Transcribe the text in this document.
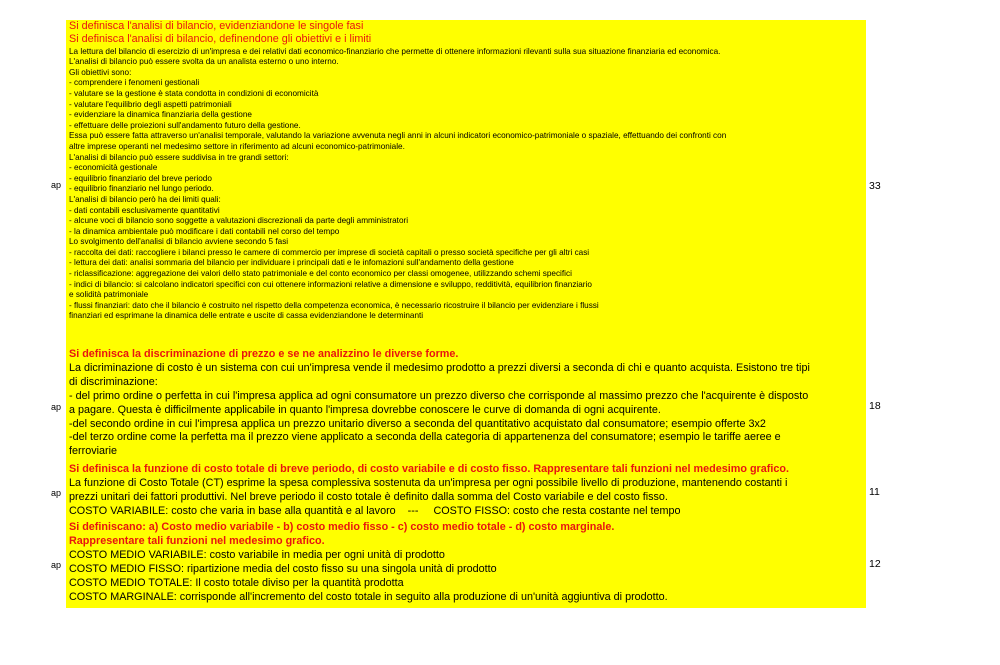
ap

Si definisca l'analisi di bilancio, evidenziandone le singole fasi

Si definisca l'analisi di bilancio, definendone gli obiettivi e i limiti

La lettura del bilancio di esercizio di un'impresa e dei relativi dati economico-finanziario che permette di ottenere informazioni rilevanti sulla sua situazione finanziaria ed economica.

L'analisi di bilancio può essere svolta da un analista esterno o uno interno.

Gli obiettivi sono:

- comprendere i fenomeni gestionali

- valutare se la gestione è stata condotta in condizioni di economicità

- valutare l'equilibrio degli aspetti patrimoniali

- evidenziare la dinamica finanziaria della gestione

- effettuare delle proiezioni sull'andamento futuro della gestione.

Essa può essere fatta attraverso un'analisi temporale, valutando la variazione avvenuta negli anni in alcuni indicatori economico-patrimoniale o spaziale, effettuando dei confronti con

altre imprese operanti nel medesimo settore in riferimento ad alcuni economico-patrimoniale.

L'analisi di bilancio può essere suddivisa in tre grandi settori:

- economicità gestionale

- equilibrio finanziario del breve periodo

- equilibrio finanziario nel lungo periodo.

L'analisi di bilancio però ha dei limiti quali:

- dati contabili esclusivamente quantitativi

- alcune voci di bilancio sono soggette a valutazioni discrezionali da parte degli amministratori

- la dinamica ambientale può modificare i dati contabili nel corso del tempo

Lo svolgimento dell'analisi di bilancio avviene secondo 5 fasi

- raccolta dei dati: raccogliere i bilanci presso le camere di commercio per imprese di società capitali o presso società specifiche per gli altri casi

- lettura dei dati: analisi sommaria del bilancio per individuare i principali dati e le infomazioni sull'andamento della gestione

- riclassificazione: aggregazione dei valori dello stato patrimoniale e del conto economico per classi omogenee, utilizzando schemi specifici

- indici di bilancio: si calcolano indicatori specifici con cui ottenere informazioni relative a dimensione e sviluppo, redditività, equilibrion finanziario

e solidità patrimoniale

- flussi finanziari: dato che il bilancio è costruito nel rispetto della competenza economica, è necessario ricostruire il bilancio per evidenziare i flussi

finanziari ed esprimane la dinamica delle entrate e uscite di cassa evidenziandone le determinanti

33
ap

Si definisca la discriminazione di prezzo e se ne analizzino le diverse forme.

La dicriminazione di costo è un sistema con cui un'impresa vende il medesimo prodotto a prezzi diversi a seconda di chi e quanto acquista. Esistono tre tipi

di discriminazione:

- del primo ordine o perfetta in cui l'impresa applica ad ogni consumatore un prezzo diverso che corrisponde al massimo prezzo che l'acquirente è disposto

a pagare. Questa è difficilmente applicabile in quanto l'impresa dovrebbe conoscere le curve di domanda di ogni acquirente.

-del secondo ordine in cui l'impresa applica un prezzo unitario diverso a seconda del quantitativo acquistato dal consumatore; esempio offerte 3x2

-del terzo ordine come la perfetta ma il prezzo viene applicato a seconda della categoria di appartenenza del consumatore; esempio le tariffe aeree e

ferroviarie

18
ap

Si definisca la funzione di costo totale di breve periodo, di costo variabile e di costo fisso. Rappresentare tali funzioni nel medesimo grafico.

La funzione di Costo Totale (CT) esprime la spesa complessiva sostenuta da un'impresa per ogni possibile livello di produzione, mantenendo costanti i

prezzi unitari dei fattori produttivi. Nel breve periodo il costo totale è definito dalla somma del Costo variabile e del costo fisso.

COSTO VARIABILE: costo che varia in base alla quantità e al lavoro    ---     COSTO FISSO: costo che resta costante nel tempo

11
ap

Si definiscano: a) Costo medio variabile - b) costo medio fisso - c) costo medio totale - d) costo marginale.

Rappresentare tali funzioni nel medesimo grafico.

COSTO MEDIO VARIABILE: costo variabile in media per ogni unità di prodotto

COSTO MEDIO FISSO: ripartizione media del costo fisso su una singola unità di prodotto

COSTO MEDIO TOTALE: Il costo totale diviso per la quantità prodotta

COSTO MARGINALE: corrisponde all'incremento del costo totale in seguito alla produzione di un'unità aggiuntiva di prodotto.

12
